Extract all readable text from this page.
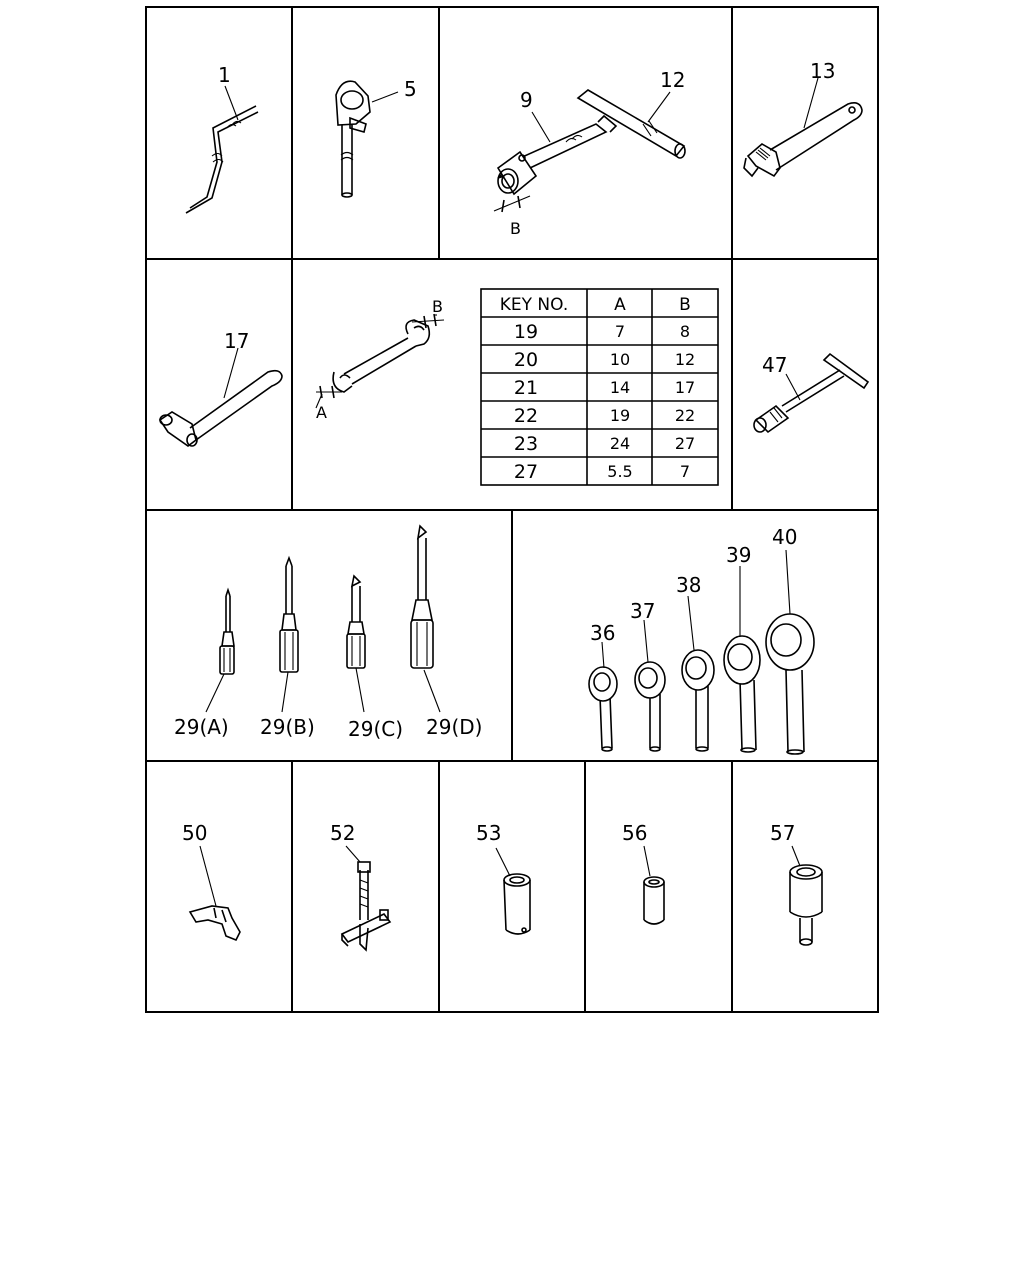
1
5	9
12
B
13
17
A
B	KEY NO.	A	B
19	7	8
20	10	12
21	14	17
22	19	22
23	24	27
27	5.5	7
47
29(A) 29(B) 29(C) 29(D)
36
37
38
39
40
50	52	53	56	57
